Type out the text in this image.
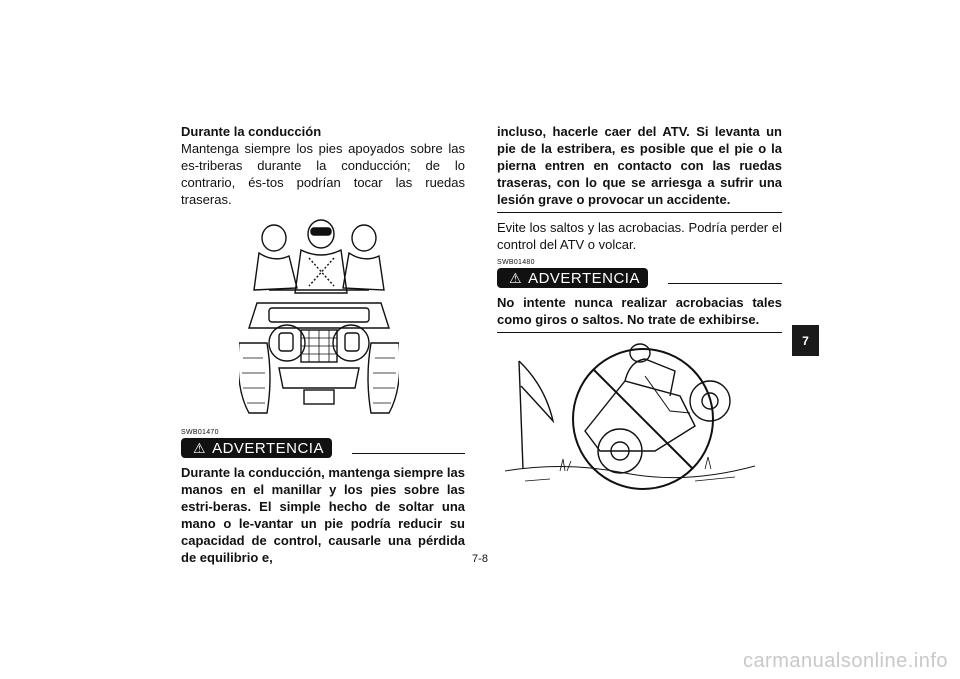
Durante la conducción
Mantenga siempre los pies apoyados sobre las es-triberas durante la conducción; de lo contrario, és-tos podrían tocar las ruedas traseras.
SWB01470
⚠ ADVERTENCIA
Durante la conducción, mantenga siempre las manos en el manillar y los pies sobre las estri-beras. El simple hecho de soltar una mano o le-vantar un pie podría reducir su capacidad de control, causarle una pérdida de equilibrio e,
incluso, hacerle caer del ATV. Si levanta un pie de la estribera, es posible que el pie o la pierna entren en contacto con las ruedas traseras, con lo que se arriesga a sufrir una lesión grave o provocar un accidente.
Evite los saltos y las acrobacias. Podría perder el control del ATV o volcar.
SWB01480
⚠ ADVERTENCIA
No intente nunca realizar acrobacias tales como giros o saltos. No trate de exhibirse.
7
7-8
carmanualsonline.info
